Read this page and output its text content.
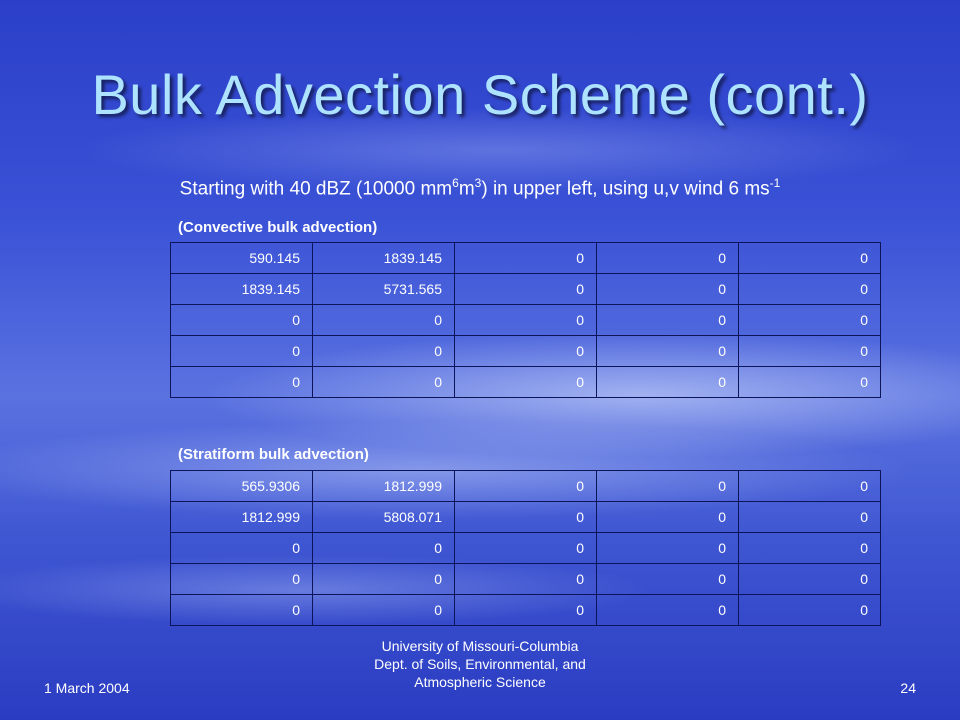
Bulk Advection Scheme (cont.)
Starting with 40 dBZ (10000 $mm^6m^3$) in upper left, using u,v wind 6 $ms^{-1}$
(Convective bulk advection)
590.145	1839.145	0	0	0
1839.145	5731.565	0	0	0
0	0	0	0	0
0	0	0	0	0
0	0	0	0	0
(Stratiform bulk advection)
565.9306	1812.999	0	0	0
1812.999	5808.071	0	0	0
0	0	0	0	0
0	0	0	0	0
0	0	0	0	0
1 March 2004
University of Missouri-Columbia
Dept. of Soils, Environmental, and
Atmospheric Science	24
